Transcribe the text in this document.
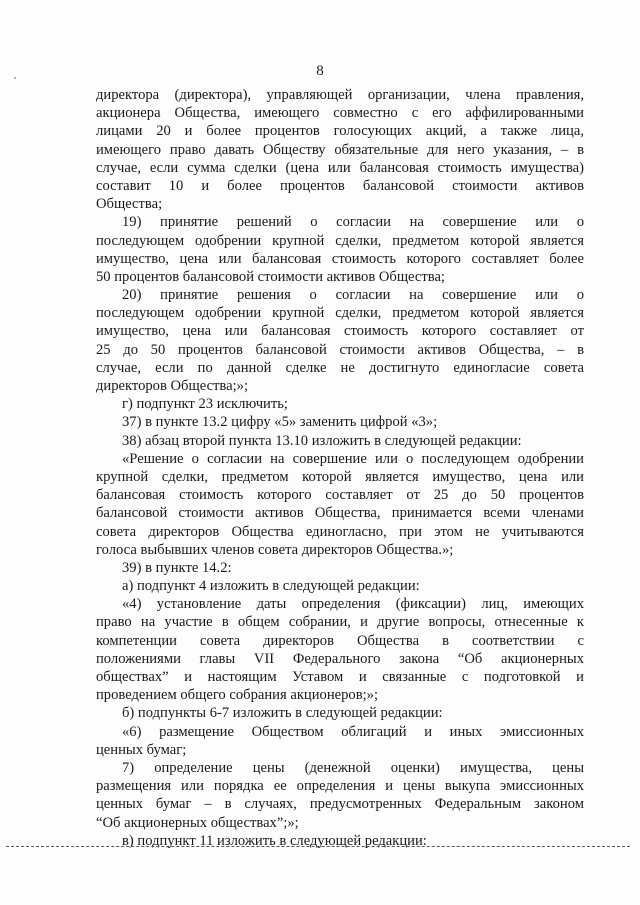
8
директора (директора), управляющей организации, члена правления,
акционера Общества, имеющего совместно с его аффилированными
лицами 20 и более процентов голосующих акций, а также лица,
имеющего право давать Обществу обязательные для него указания, – в
случае, если сумма сделки (цена или балансовая стоимость имущества)
составит 10 и более процентов балансовой стоимости активов
Общества;
19) принятие решений о согласии на совершение или о
последующем одобрении крупной сделки, предметом которой является
имущество, цена или балансовая стоимость которого составляет более
50 процентов балансовой стоимости активов Общества;
20) принятие решения о согласии на совершение или о
последующем одобрении крупной сделки, предметом которой является
имущество, цена или балансовая стоимость которого составляет от
25 до 50 процентов балансовой стоимости активов Общества, – в
случае, если по данной сделке не достигнуто единогласие совета
директоров Общества;»;
г) подпункт 23 исключить;
37) в пункте 13.2 цифру «5» заменить цифрой «3»;
38) абзац второй пункта 13.10 изложить в следующей редакции:
«Решение о согласии на совершение или о последующем одобрении
крупной сделки, предметом которой является имущество, цена или
балансовая стоимость которого составляет от 25 до 50 процентов
балансовой стоимости активов Общества, принимается всеми членами
совета директоров Общества единогласно, при этом не учитываются
голоса выбывших членов совета директоров Общества.»;
39) в пункте 14.2:
а) подпункт 4 изложить в следующей редакции:
«4) установление даты определения (фиксации) лиц, имеющих
право на участие в общем собрании, и другие вопросы, отнесенные к
компетенции совета директоров Общества в соответствии с
положениями главы VII Федерального закона “Об акционерных
обществах” и настоящим Уставом и связанные с подготовкой и
проведением общего собрания акционеров;»;
б) подпункты 6-7 изложить в следующей редакции:
«6) размещение Обществом облигаций и иных эмиссионных
ценных бумаг;
7) определение цены (денежной оценки) имущества, цены
размещения или порядка ее определения и цены выкупа эмиссионных
ценных бумаг – в случаях, предусмотренных Федеральным законом
“Об акционерных обществах”;»;
в) подпункт 11 изложить в следующей редакции:
